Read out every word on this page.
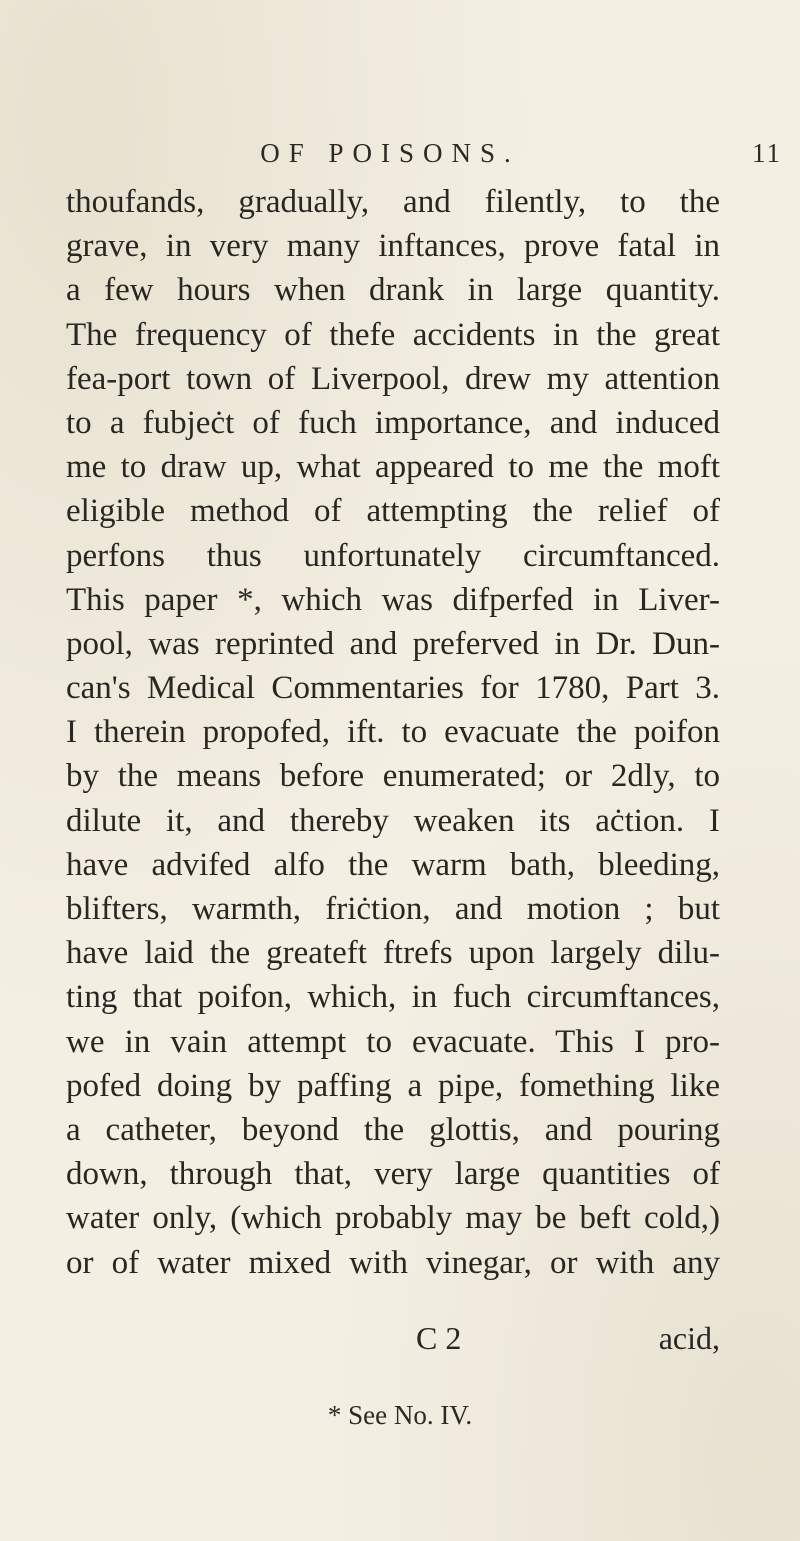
OF POISONS.	11
thoufands, gradually, and filently, to the
grave, in very many inftances, prove fatal in
a few hours when drank in large quantity.
The frequency of thefe accidents in the great
fea-port town of Liverpool, drew my attention
to a fubjeċt of fuch importance, and induced
me to draw up, what appeared to me the moft
eligible method of attempting the relief of
perfons thus unfortunately circumftanced.
This paper *, which was difperfed in Liver-
pool, was reprinted and preferved in Dr. Dun-
can's Medical Commentaries for 1780, Part 3.
I therein propofed, ift. to evacuate the poifon
by the means before enumerated; or 2dly, to
dilute it, and thereby weaken its aċtion. I
have advifed alfo the warm bath, bleeding,
blifters, warmth, friċtion, and motion ; but
have laid the greateft ftrefs upon largely dilu-
ting that poifon, which, in fuch circumftances,
we in vain attempt to evacuate. This I pro-
pofed doing by paffing a pipe, fomething like
a catheter, beyond the glottis, and pouring
down, through that, very large quantities of
water only, (which probably may be beft cold,)
or of water mixed with vinegar, or with any
C 2	acid,
* See No. IV.
